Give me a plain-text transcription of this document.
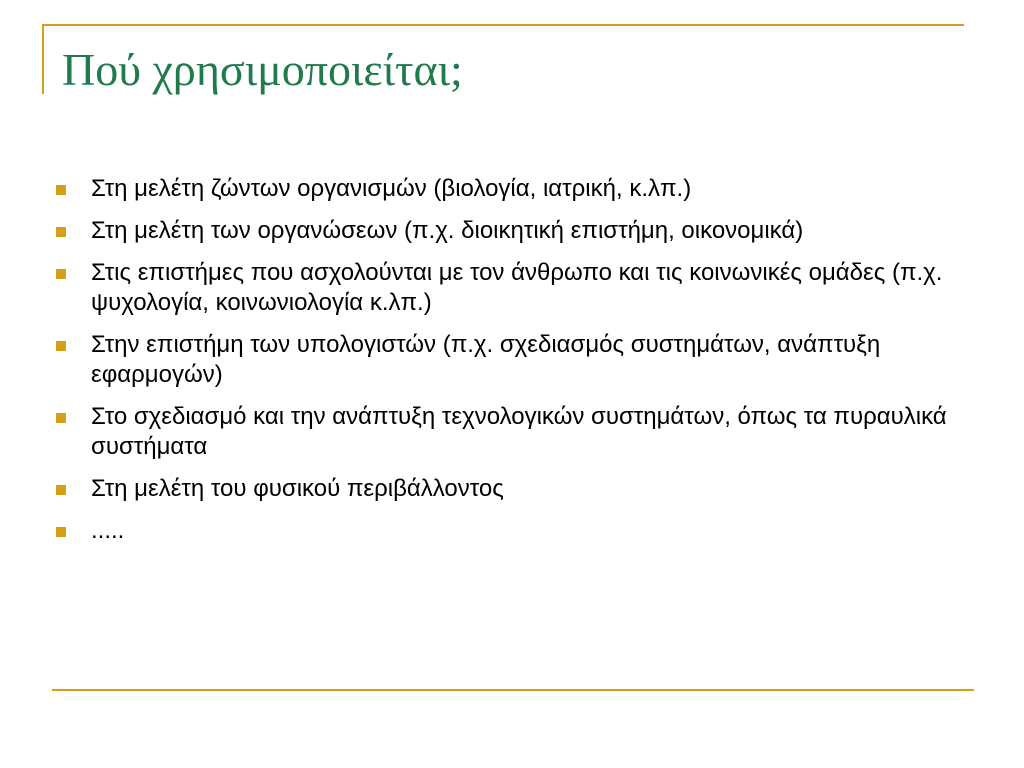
Πού χρησιμοποιείται;
Στη μελέτη ζώντων οργανισμών (βιολογία, ιατρική, κ.λπ.)
Στη μελέτη των οργανώσεων (π.χ. διοικητική επιστήμη, οικονομικά)
Στις επιστήμες που ασχολούνται με τον άνθρωπο και τις κοινωνικές ομάδες (π.χ. ψυχολογία, κοινωνιολογία κ.λπ.)
Στην επιστήμη των υπολογιστών (π.χ. σχεδιασμός συστημάτων, ανάπτυξη εφαρμογών)
Στο σχεδιασμό και την ανάπτυξη τεχνολογικών συστημάτων, όπως τα πυραυλικά συστήματα
Στη μελέτη του φυσικού περιβάλλοντος
.....
